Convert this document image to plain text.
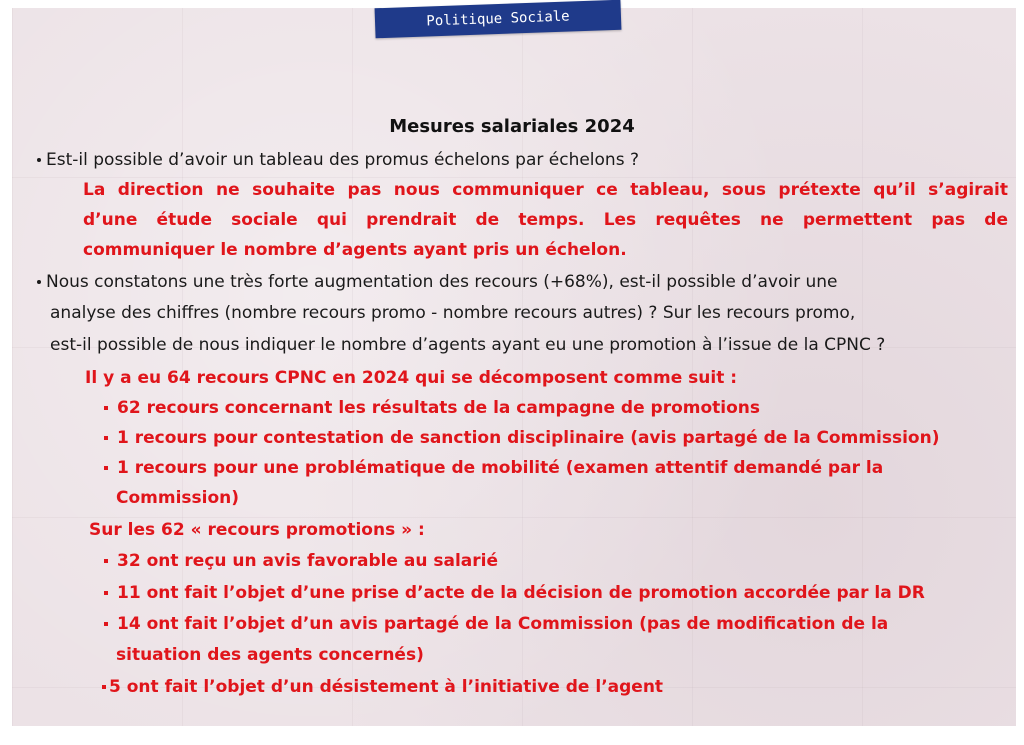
Politique Sociale
Mesures salariales 2024
Est-il possible d’avoir un tableau des promus échelons par échelons ?
La direction ne souhaite pas nous communiquer ce tableau, sous prétexte qu’il s’agirait
d’une étude sociale qui prendrait de temps. Les requêtes ne permettent pas de
communiquer le nombre d’agents ayant pris un échelon.
Nous constatons une très forte augmentation des recours (+68%), est-il possible d’avoir une
analyse des chiffres (nombre recours promo - nombre recours autres) ? Sur les recours promo,
est-il possible de nous indiquer le nombre d’agents ayant eu une promotion à l’issue de la CPNC ?
Il y a eu 64 recours CPNC en 2024 qui se décomposent comme suit :
62 recours concernant les résultats de la campagne de promotions
1 recours pour contestation de sanction disciplinaire (avis partagé de la Commission)
1 recours pour une problématique de mobilité (examen attentif demandé par la
Commission)
Sur les 62 « recours promotions » :
32 ont reçu un avis favorable au salarié
11 ont fait l’objet d’une prise d’acte de la décision de promotion accordée par la DR
14 ont fait l’objet d’un avis partagé de la Commission (pas de modification de la
situation des agents concernés)
5 ont fait l’objet d’un désistement à l’initiative de l’agent
